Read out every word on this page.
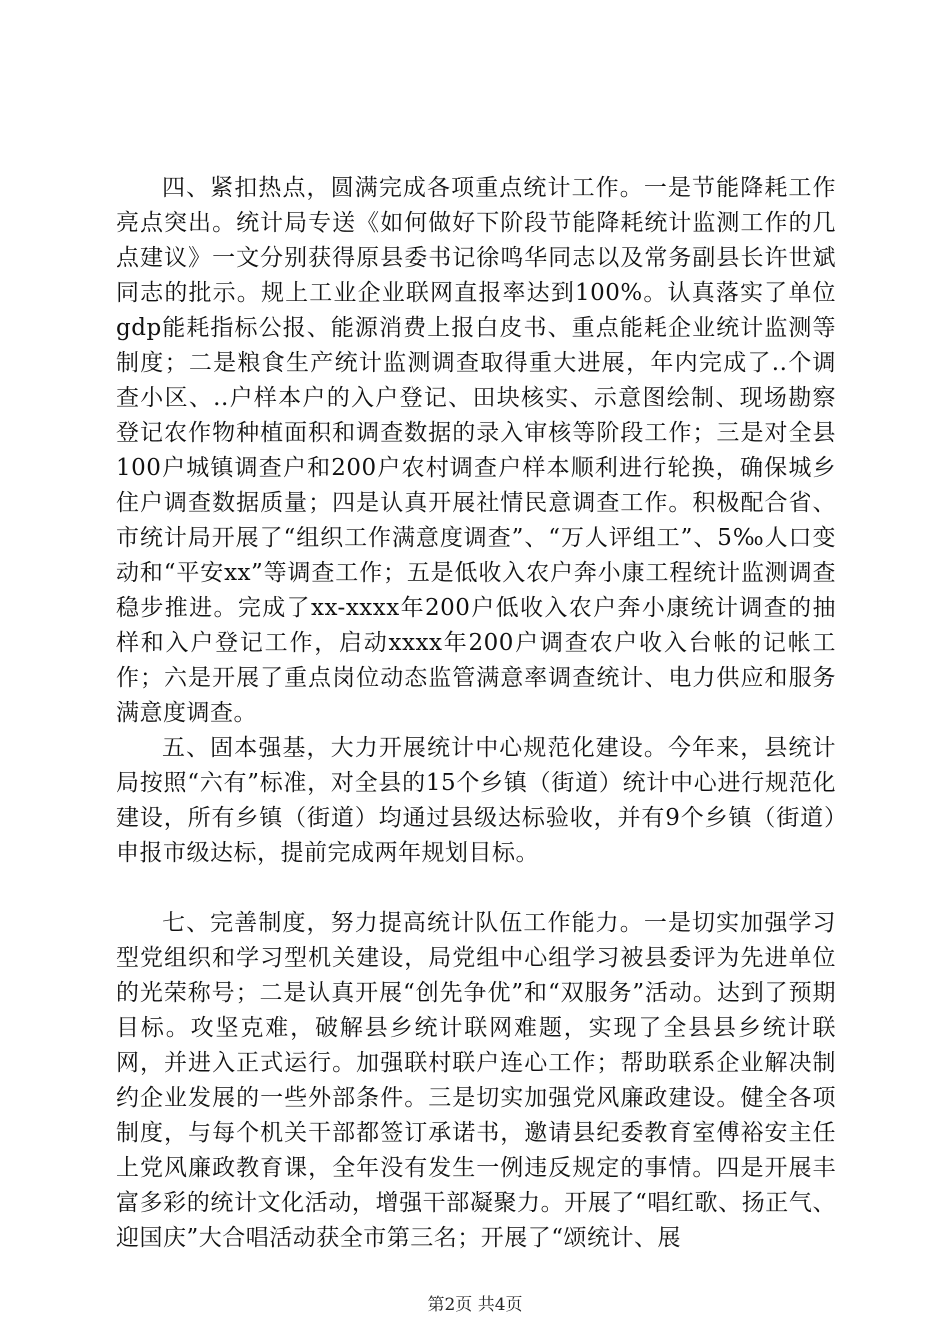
四、紧扣热点，圆满完成各项重点统计工作。一是节能降耗工作亮点突出。统计局专送《如何做好下阶段节能降耗统计监测工作的几点建议》一文分别获得原县委书记徐鸣华同志以及常务副县长许世斌同志的批示。规上工业企业联网直报率达到100%。认真落实了单位gdp能耗指标公报、能源消费上报白皮书、重点能耗企业统计监测等制度；二是粮食生产统计监测调查取得重大进展，年内完成了..个调查小区、..户样本户的入户登记、田块核实、示意图绘制、现场勘察登记农作物种植面积和调查数据的录入审核等阶段工作；三是对全县100户城镇调查户和200户农村调查户样本顺利进行轮换，确保城乡住户调查数据质量；四是认真开展社情民意调查工作。积极配合省、市统计局开展了“组织工作满意度调查”、“万人评组工”、5‰人口变动和“平安xx”等调查工作；五是低收入农户奔小康工程统计监测调查稳步推进。完成了xx-xxxx年200户低收入农户奔小康统计调查的抽样和入户登记工作，启动xxxx年200户调查农户收入台帐的记帐工作；六是开展了重点岗位动态监管满意率调查统计、电力供应和服务满意度调查。

五、固本强基，大力开展统计中心规范化建设。今年来，县统计局按照“六有”标准，对全县的15个乡镇（街道）统计中心进行规范化建设，所有乡镇（街道）均通过县级达标验收，并有9个乡镇（街道）申报市级达标，提前完成两年规划目标。

七、完善制度，努力提高统计队伍工作能力。一是切实加强学习型党组织和学习型机关建设，局党组中心组学习被县委评为先进单位的光荣称号；二是认真开展“创先争优”和“双服务”活动。达到了预期目标。攻坚克难，破解县乡统计联网难题，实现了全县县乡统计联网，并进入正式运行。加强联村联户连心工作；帮助联系企业解决制约企业发展的一些外部条件。三是切实加强党风廉政建设。健全各项制度，与每个机关干部都签订承诺书，邀请县纪委教育室傅裕安主任上党风廉政教育课，全年没有发生一例违反规定的事情。四是开展丰富多彩的统计文化活动，增强干部凝聚力。开展了“唱红歌、扬正气、迎国庆”大合唱活动获全市第三名；开展了“颂统计、展

第2页 共4页
